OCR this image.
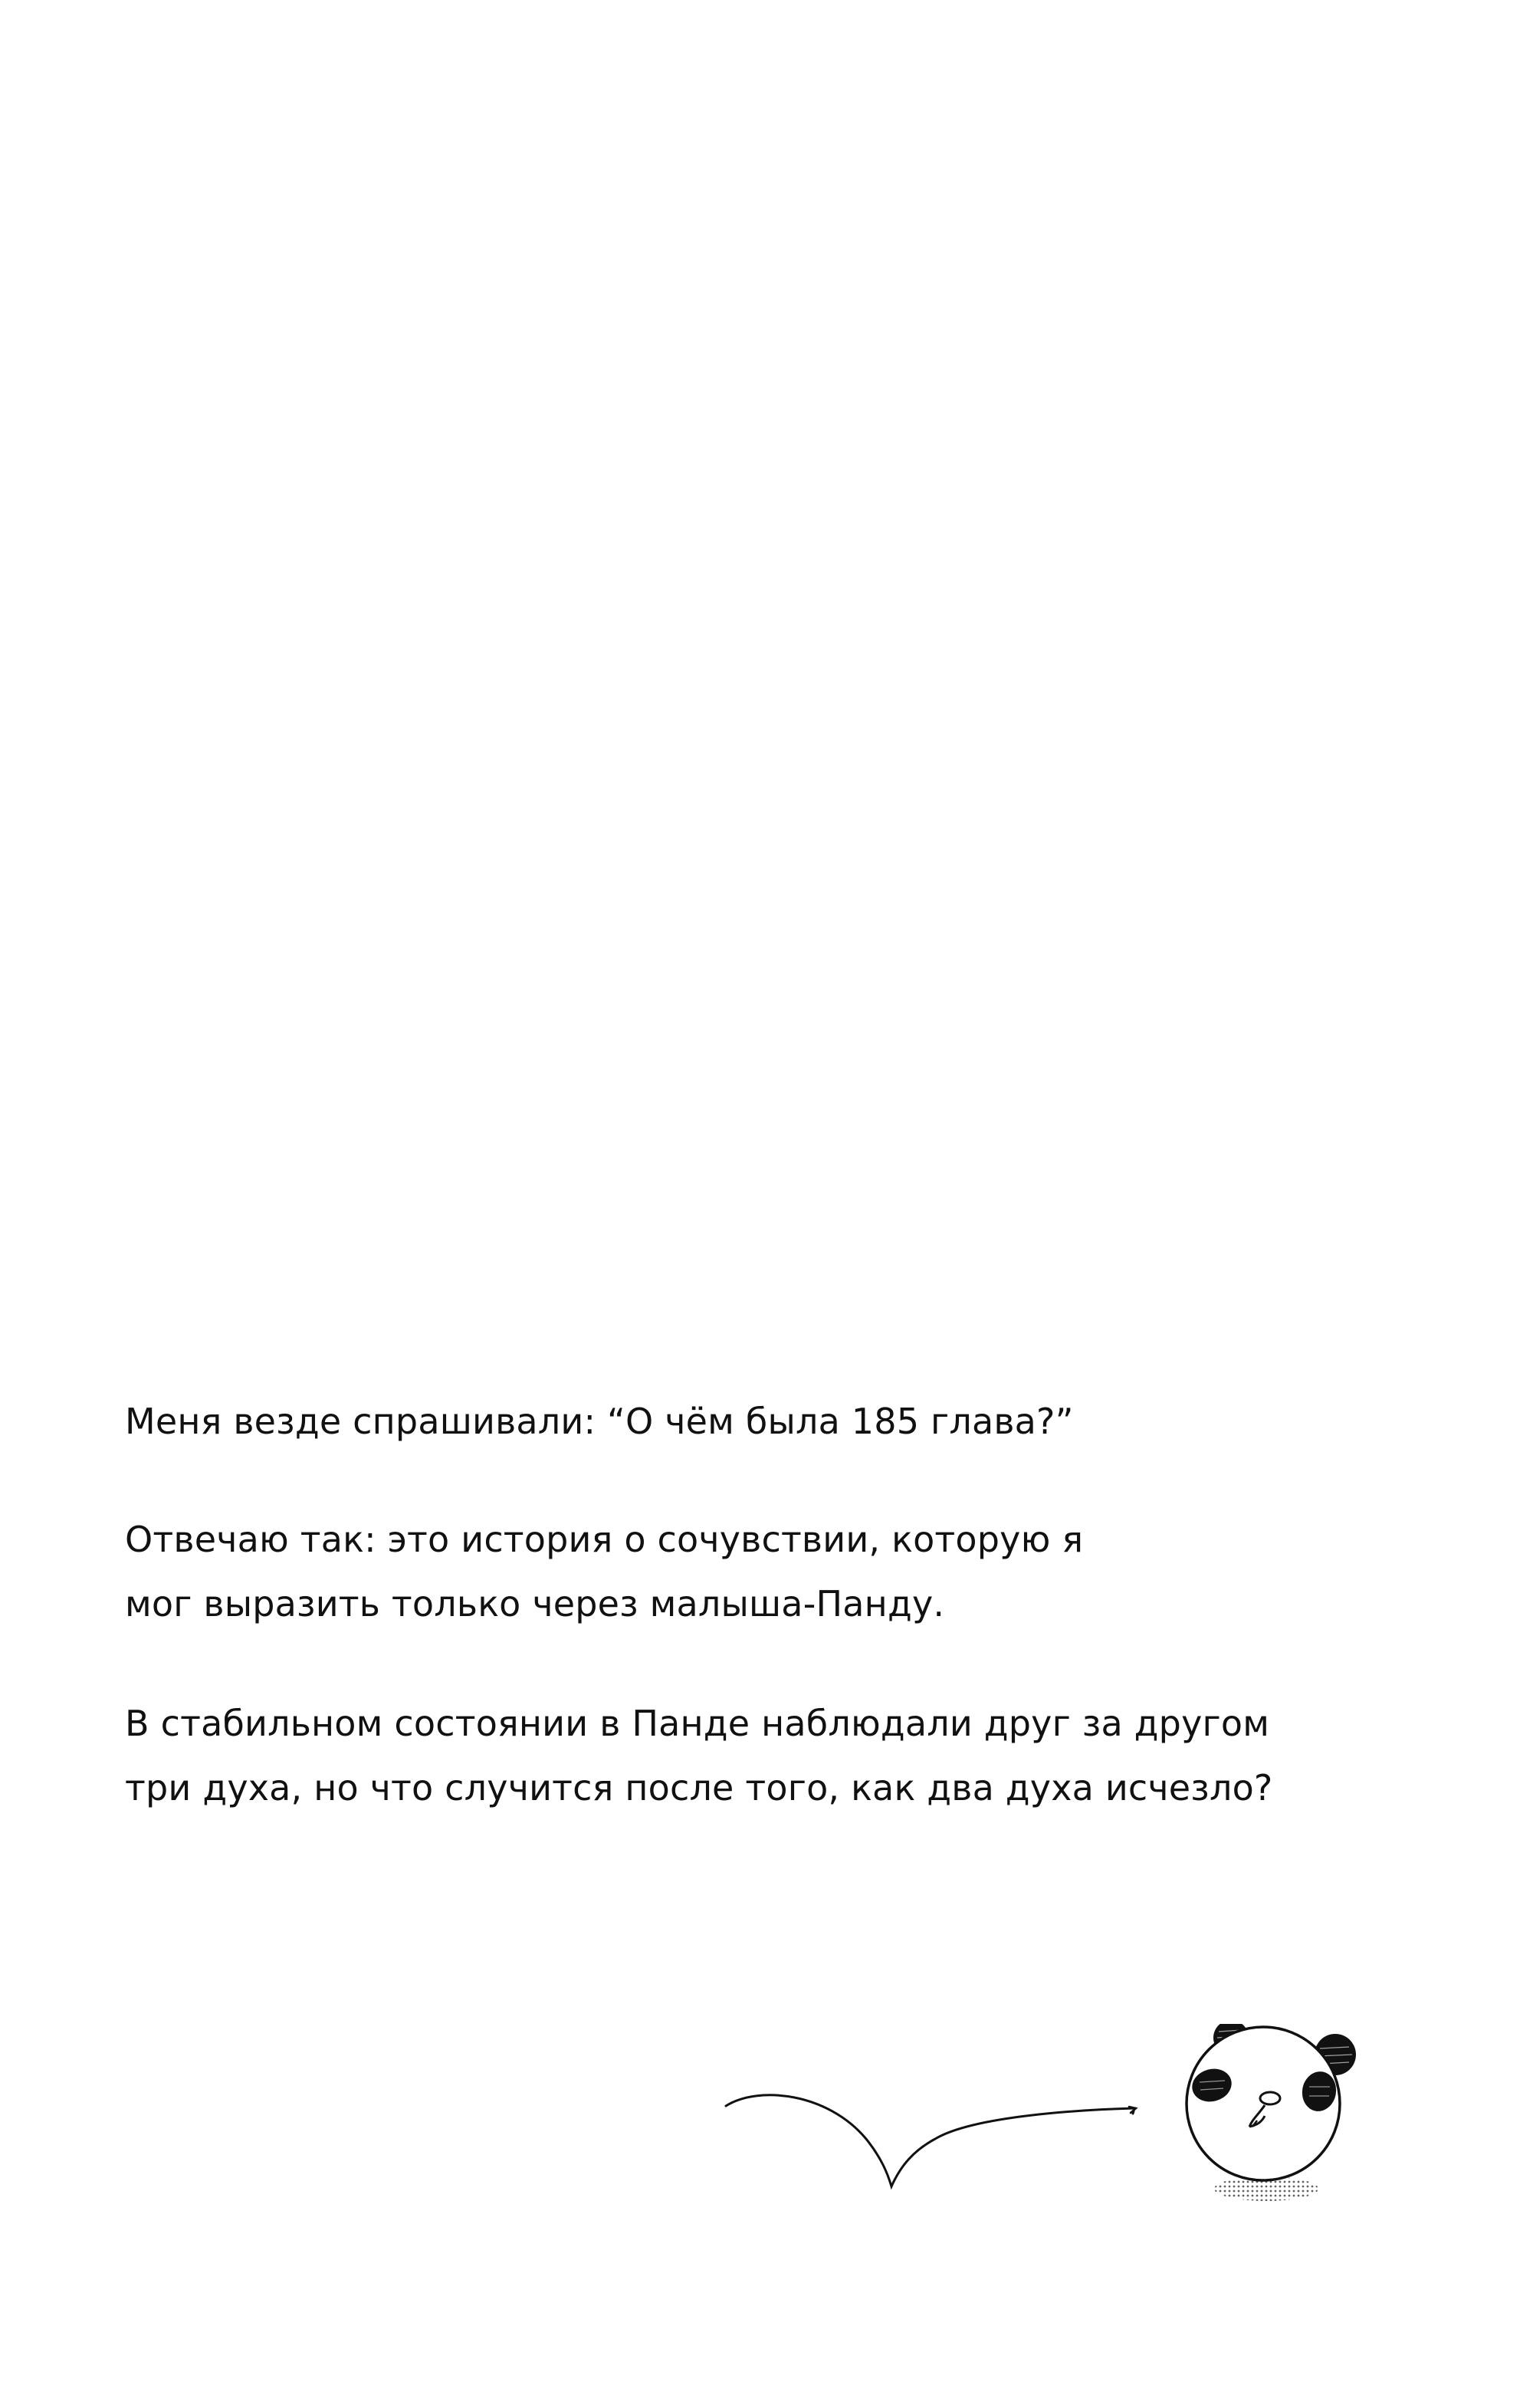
Меня везде спрашивали: “О чём была 185 глава?”

Отвечаю так: это история о сочувствии, которую я
мог выразить только через малыша-Панду.

В стабильном состоянии в Панде наблюдали друг за другом
три духа, но что случится после того, как два духа исчезло?
